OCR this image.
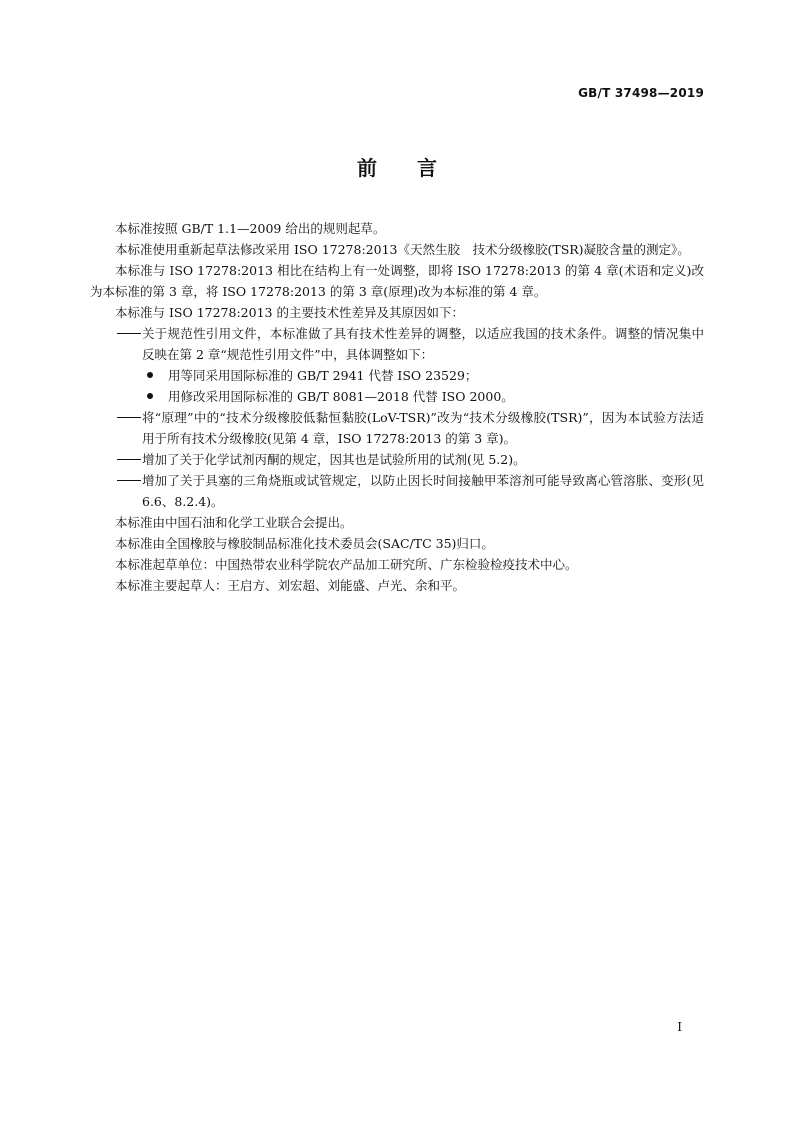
GB/T 37498—2019
前言

本标准按照 GB/T 1.1—2009 给出的规则起草。

本标准使用重新起草法修改采用 ISO 17278:2013《天然生胶　技术分级橡胶(TSR)凝胶含量的测定》。

本标准与 ISO 17278:2013 相比在结构上有一处调整，即将 ISO 17278:2013 的第 4 章(术语和定义)改为本标准的第 3 章，将 ISO 17278:2013 的第 3 章(原理)改为本标准的第 4 章。

本标准与 ISO 17278:2013 的主要技术性差异及其原因如下：

关于规范性引用文件，本标准做了具有技术性差异的调整，以适应我国的技术条件。调整的情况集中反映在第 2 章“规范性引用文件”中，具体调整如下：
用等同采用国际标准的 GB/T 2941 代替 ISO 23529；
用修改采用国际标准的 GB/T 8081—2018 代替 ISO 2000。
将“原理”中的“技术分级橡胶低黏恒黏胶(LoV-TSR)”改为“技术分级橡胶(TSR)”，因为本试验方法适用于所有技术分级橡胶(见第 4 章，ISO 17278:2013 的第 3 章)。
增加了关于化学试剂丙酮的规定，因其也是试验所用的试剂(见 5.2)。
增加了关于具塞的三角烧瓶或试管规定，以防止因长时间接触甲苯溶剂可能导致离心管溶胀、变形(见 6.6、8.2.4)。

本标准由中国石油和化学工业联合会提出。

本标准由全国橡胶与橡胶制品标准化技术委员会(SAC/TC 35)归口。

本标准起草单位：中国热带农业科学院农产品加工研究所、广东检验检疫技术中心。

本标准主要起草人：王启方、刘宏超、刘能盛、卢光、余和平。

I
